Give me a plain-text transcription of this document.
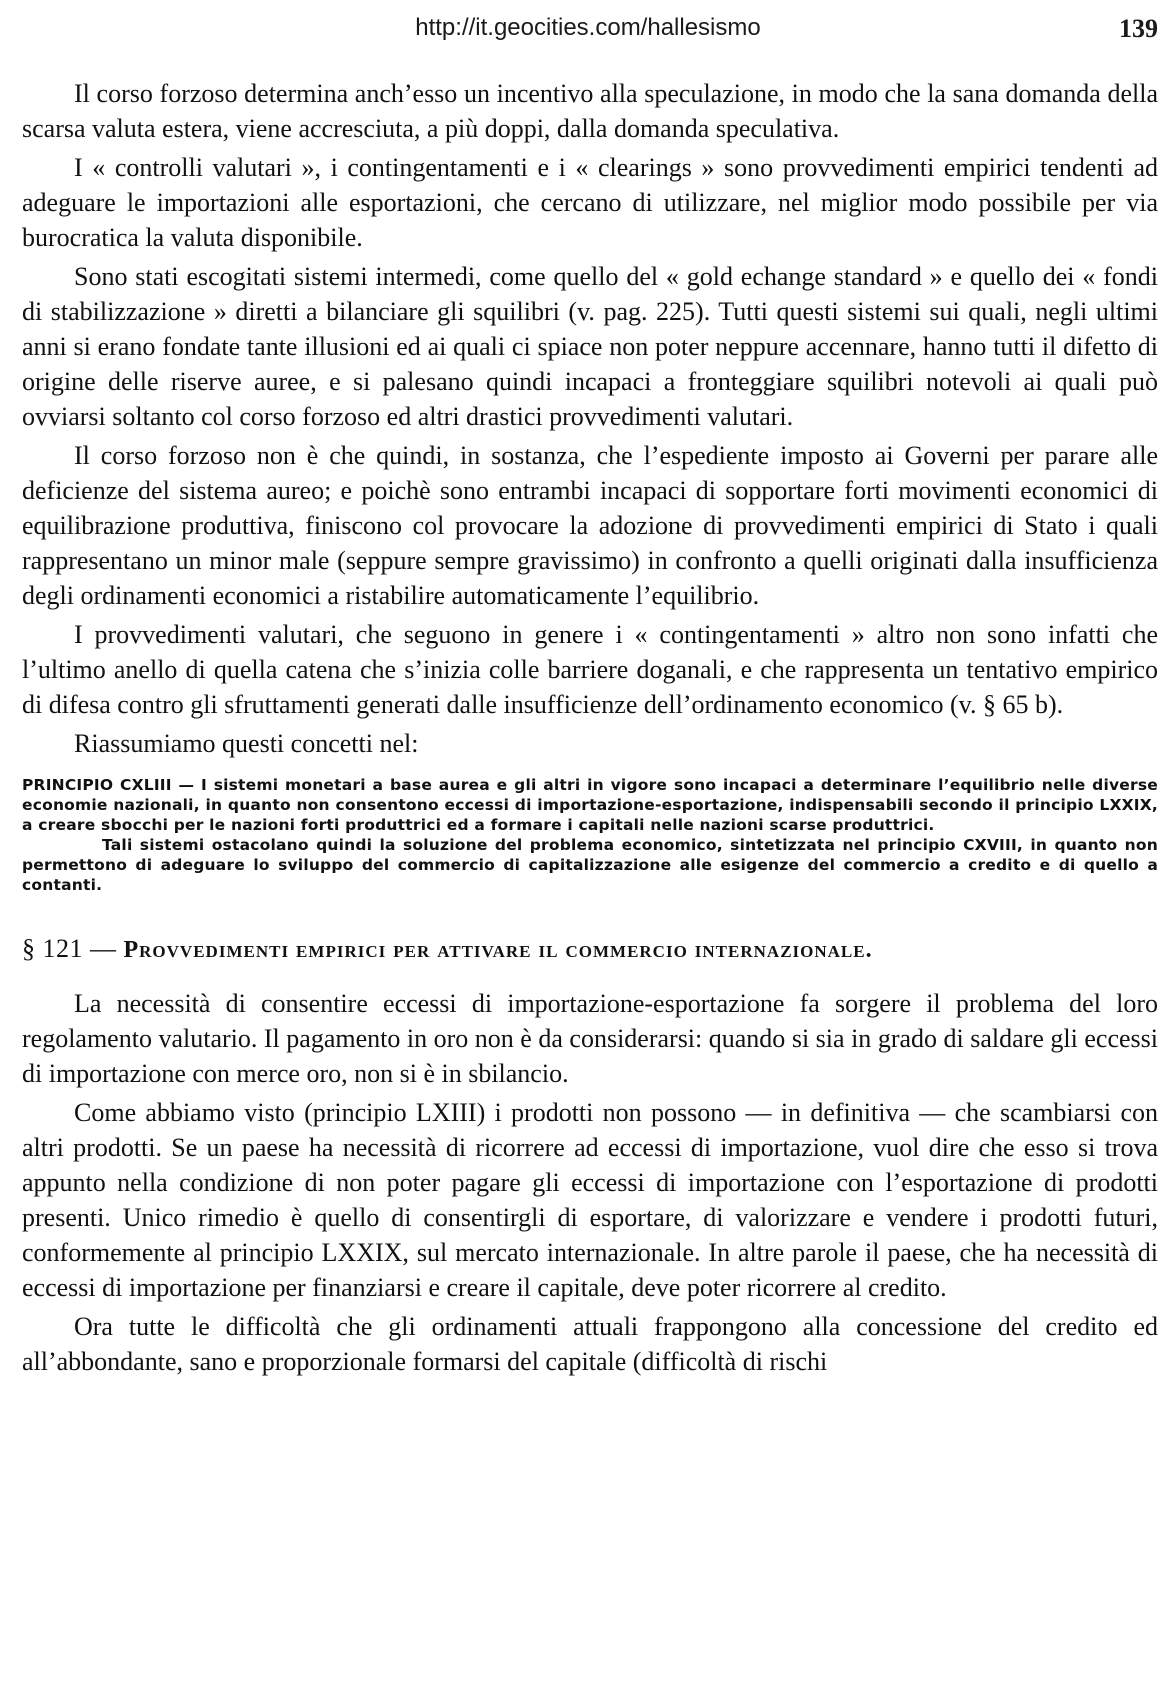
http://it.geocities.com/hallesismo	139

Il corso forzoso determina anch’esso un incentivo alla speculazione, in modo che la sana domanda della scarsa valuta estera, viene accresciuta, a più doppi, dalla domanda speculativa.

I « controlli valutari », i contingentamenti e i « clearings » sono provvedimenti empirici tendenti ad adeguare le importazioni alle esportazioni, che cercano di utilizzare, nel miglior modo possibile per via burocratica la valuta disponibile.

Sono stati escogitati sistemi intermedi, come quello del « gold echange standard » e quello dei « fondi di stabilizzazione » diretti a bilanciare gli squilibri (v. pag. 225). Tutti questi sistemi sui quali, negli ultimi anni si erano fondate tante illusioni ed ai quali ci spiace non poter neppure accennare, hanno tutti il difetto di origine delle riserve auree, e si palesano quindi incapaci a fronteggiare squilibri notevoli ai quali può ovviarsi soltanto col corso forzoso ed altri drastici provvedimenti valutari.

Il corso forzoso non è che quindi, in sostanza, che l’espediente imposto ai Governi per parare alle deficienze del sistema aureo; e poichè sono entrambi incapaci di sopportare forti movimenti economici di equilibrazione produttiva, finiscono col provocare la adozione di provvedimenti empirici di Stato i quali rappresentano un minor male (seppure sempre gravissimo) in confronto a quelli originati dalla insufficienza degli ordinamenti economici a ristabilire automaticamente l’equilibrio.

I provvedimenti valutari, che seguono in genere i « contingentamenti » altro non sono infatti che l’ultimo anello di quella catena che s’inizia colle barriere doganali, e che rappresenta un tentativo empirico di difesa contro gli sfruttamenti generati dalle insufficienze dell’ordinamento economico (v. § 65 b).

Riassumiamo questi concetti nel:

PRINCIPIO CXLIII — I sistemi monetari a base aurea e gli altri in vigore sono incapaci a determinare l’equilibrio nelle diverse economie nazionali, in quanto non consentono eccessi di importazione-esportazione, indispensabili secondo il principio LXXIX, a creare sbocchi per le nazioni forti produttrici ed a formare i capitali nelle nazioni scarse produttrici.
Tali sistemi ostacolano quindi la soluzione del problema economico, sintetizzata nel principio CXVIII, in quanto non permettono di adeguare lo sviluppo del commercio di capitalizzazione alle esigenze del commercio a credito e di quello a contanti.
§ 121 — Provvedimenti empirici per attivare il commercio internazionale.

La necessità di consentire eccessi di importazione-esportazione fa sorgere il problema del loro regolamento valutario. Il pagamento in oro non è da considerarsi: quando si sia in grado di saldare gli eccessi di importazione con merce oro, non si è in sbilancio.

Come abbiamo visto (principio LXIII) i prodotti non possono — in definitiva — che scambiarsi con altri prodotti. Se un paese ha necessità di ricorrere ad eccessi di importazione, vuol dire che esso si trova appunto nella condizione di non poter pagare gli eccessi di importazione con l’esportazione di prodotti presenti. Unico rimedio è quello di consentirgli di esportare, di valorizzare e vendere i prodotti futuri, conformemente al principio LXXIX, sul mercato internazionale. In altre parole il paese, che ha necessità di eccessi di importazione per finanziarsi e creare il capitale, deve poter ricorrere al credito.

Ora tutte le difficoltà che gli ordinamenti attuali frappongono alla concessione del credito ed all’abbondante, sano e proporzionale formarsi del capitale (difficoltà di rischi
